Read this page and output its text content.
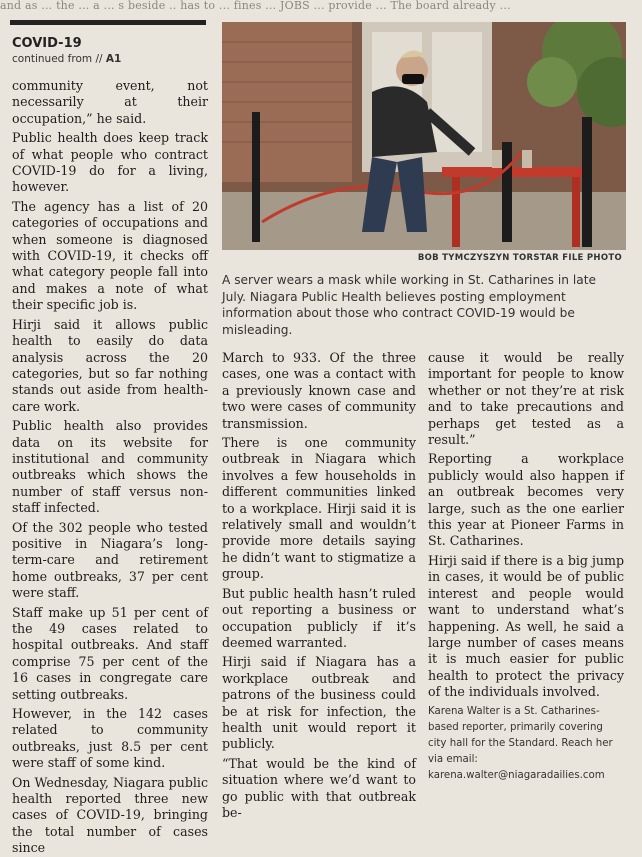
and as ... the ... a ... s beside .. has to ... fines ... JOBS ... provide ... The board already ...
COVID-19
continued from // A1

community event, not necessarily at their occupation,” he said.

Public health does keep track of what people who contract COVID-19 do for a living, however.

The agency has a list of 20 categories of occupations and when someone is diagnosed with COVID-19, it checks off what category people fall into and makes a note of what their specific job is.

Hirji said it allows public health to easily do data analysis across the 20 categories, but so far nothing stands out aside from health-care work.

Public health also provides data on its website for institutional and community outbreaks which shows the number of staff versus non-staff infected.

Of the 302 people who tested positive in Niagara’s long-term-care and retirement home outbreaks, 37 per cent were staff.

Staff make up 51 per cent of the 49 cases related to hospital outbreaks. And staff comprise 75 per cent of the 16 cases in congregate care setting outbreaks.

However, in the 142 cases related to community outbreaks, just 8.5 per cent were staff of some kind.

On Wednesday, Niagara public health reported three new cases of COVID-19, bringing the total number of cases since

BOB TYMCZYSZYN TORSTAR FILE PHOTO
A server wears a mask while working in St. Catharines in late July. Niagara Public Health believes posting employment information about those who contract COVID-19 would be misleading.

March to 933. Of the three cases, one was a contact with a previously known case and two were cases of community transmission.

There is one community outbreak in Niagara which involves a few households in different communities linked to a workplace. Hirji said it is relatively small and wouldn’t provide more details saying he didn’t want to stigmatize a group.

But public health hasn’t ruled out reporting a business or occupation publicly if it’s deemed warranted.

Hirji said if Niagara has a workplace outbreak and patrons of the business could be at risk for infection, the health unit would report it publicly.

“That would be the kind of situation where we’d want to go public with that outbreak be-

cause it would be really important for people to know whether or not they’re at risk and to take precautions and perhaps get tested as a result.”

Reporting a workplace publicly would also happen if an outbreak becomes very large, such as the one earlier this year at Pioneer Farms in St. Catharines.

Hirji said if there is a big jump in cases, it would be of public interest and people would want to understand what’s happening. As well, he said a large number of cases means it is much easier for public health to protect the privacy of the individuals involved.

Karena Walter is a St. Catharines-based reporter, primarily covering city hall for the Standard. Reach her via email: karena.walter@niagaradailies.com
